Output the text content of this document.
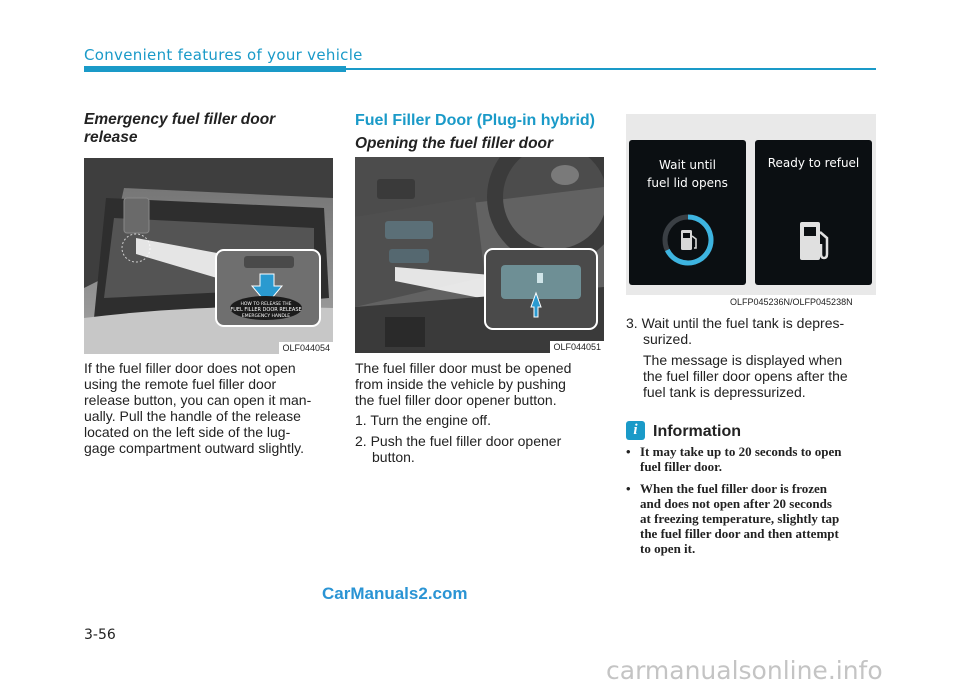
Convenient features of your vehicle
Emergency fuel filler door
release
HOW TO RELEASE THE
FUEL FILLER DOOR RELEASE
EMERGENCY HANDLE
OLF044054
If the fuel filler door does not open
using the remote fuel filler door
release button, you can open it man-
ually. Pull the handle of the release
located on the left side of the lug-
gage compartment outward slightly.
Fuel Filler Door (Plug-in hybrid)
Opening the fuel filler door
OLF044051
The fuel filler door must be opened
from inside the vehicle by pushing
the fuel filler door opener button.
1. Turn the engine off.
2. Push the fuel filler door opener
button.
Wait until
fuel lid opens
Ready to refuel
OLFP045236N/OLFP045238N
3. Wait until the fuel tank is depres-
surized.
The message is displayed when
the fuel filler door opens after the
fuel tank is depressurized.
i Information
• It may take up to 20 seconds to open
fuel filler door.
• When the fuel filler door is frozen
and does not open after 20 seconds
at freezing temperature, slightly tap
the fuel filler door and then attempt
to open it.
CarManuals2.com
3-56
carmanualsonline.info
